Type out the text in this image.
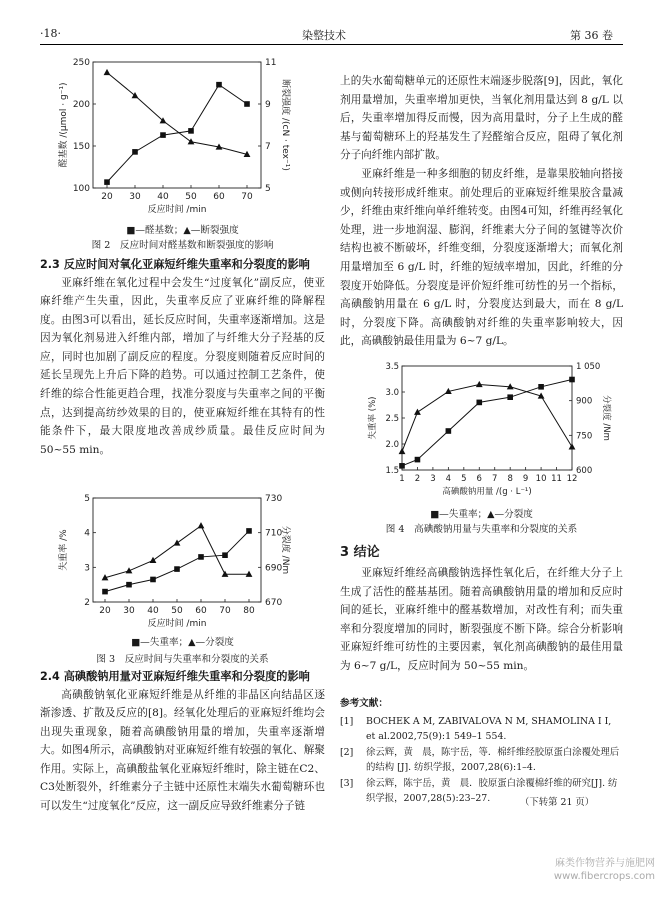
·18·	染整技术	第 36 卷
20 30 40 50 60 70
100
150
200
250
5
7
9
11
反应时间 /min
醛基数 /(μmol · g⁻¹)	断裂强度 /(cN · tex⁻¹)
■—醛基数；▲—断裂强度
图 2　反应时间对醛基数和断裂强度的影响
2.3 反应时间对氧化亚麻短纤维失重率和分裂度的影响

亚麻纤维在氧化过程中会发生“过度氧化”副反应，使亚麻纤维产生失重，因此，失重率反应了亚麻纤维的降解程度。由图3可以看出，延长反应时间，失重率逐渐增加。这是因为氧化剂易进入纤维内部，增加了与纤维大分子羟基的反应，同时也加剧了副反应的程度。分裂度则随着反应时间的延长呈现先上升后下降的趋势。可以通过控制工艺条件，使纤维的综合性能更趋合理，找准分裂度与失重率之间的平衡点，达到提高纺纱效果的目的，使亚麻短纤维在其特有的性能条件下，最大限度地改善成纱质量。最佳反应时间为 50~55 min。

20 30 40 50 60 70 80
2
3
4
5
670
690
710
730
反应时间 /min
失重率 /%	分裂度 /Nm
■—失重率；▲—分裂度
图 3　反应时间与失重率和分裂度的关系
2.4 高碘酸钠用量对亚麻短纤维失重率和分裂度的影响

高碘酸钠氧化亚麻短纤维是从纤维的非晶区向结晶区逐渐渗透、扩散及反应的[8]。经氧化处理后的亚麻短纤维均会出现失重现象，随着高碘酸钠用量的增加，失重率逐渐增大。如图4所示，高碘酸钠对亚麻短纤维有较强的氧化、解聚作用。实际上，高碘酸盐氧化亚麻短纤维时，除主链在C2、C3处断裂外，纤维素分子主链中还原性末端失水葡萄糖环也可以发生“过度氧化”反应，这一副反应导致纤维素分子链

上的失水葡萄糖单元的还原性末端逐步脱落[9]，因此，氧化剂用量增加，失重率增加更快，当氧化剂用量达到 8 g/L 以后，失重率增加得反而慢，因为高用量时，分子上生成的醛基与葡萄糖环上的羟基发生了羟醛缩合反应，阻碍了氧化剂分子向纤维内部扩散。

亚麻纤维是一种多细胞的韧皮纤维，是靠果胶轴向搭接或侧向转接形成纤维束。前处理后的亚麻短纤维果胶含量减少，纤维由束纤维向单纤维转变。由图4可知，纤维再经氧化处理，进一步地润湿、膨润，纤维素大分子间的氢键等次价结构也被不断破坏，纤维变细，分裂度逐渐增大；而氧化剂用量增加至 6 g/L 时，纤维的短绒率增加，因此，纤维的分裂度开始降低。分裂度是评价短纤维可纺性的另一个指标，高碘酸钠用量在 6 g/L 时，分裂度达到最大，而在 8 g/L 时，分裂度下降。高碘酸钠对纤维的失重率影响较大，因此，高碘酸钠最佳用量为 6~7 g/L。

1 2 3 4 5 6 7 8 9 10 11 12
1.5
2.0
2.5
3.0
3.5
600
750
900
1 050
高碘酸钠用量 /(g · L⁻¹)
失重率 (%)	分裂度 /Nm
■—失重率；▲—分裂度
图 4　高碘酸钠用量与失重率和分裂度的关系
3 结论

亚麻短纤维经高碘酸钠选择性氧化后，在纤维大分子上生成了活性的醛基基团。随着高碘酸钠用量的增加和反应时间的延长，亚麻纤维中的醛基数增加，对改性有利；而失重率和分裂度增加的同时，断裂强度不断下降。综合分析影响亚麻短纤维可纺性的主要因素，氧化剂高碘酸钠的最佳用量为 6~7 g/L，反应时间为 50~55 min。

参考文献：
[1]	BOCHEK A M, ZABIVALOVA N M, SHAMOLINA I I, et al.2002,75(9):1 549–1 554.
[2]	徐云辉，黄　晨，陈宇岳，等．棉纤维经胶原蛋白涂覆处理后的结构 [J]. 纺织学报，2007,28(6):1–4.
[3]	徐云辉，陈宇岳，黄　晨．胶原蛋白涂覆棉纤维的研究[J]. 纺织学报，2007,28(5):23–27.	（下转第 21 页）
麻类作物营养与施肥网
www.fibercrops.com
